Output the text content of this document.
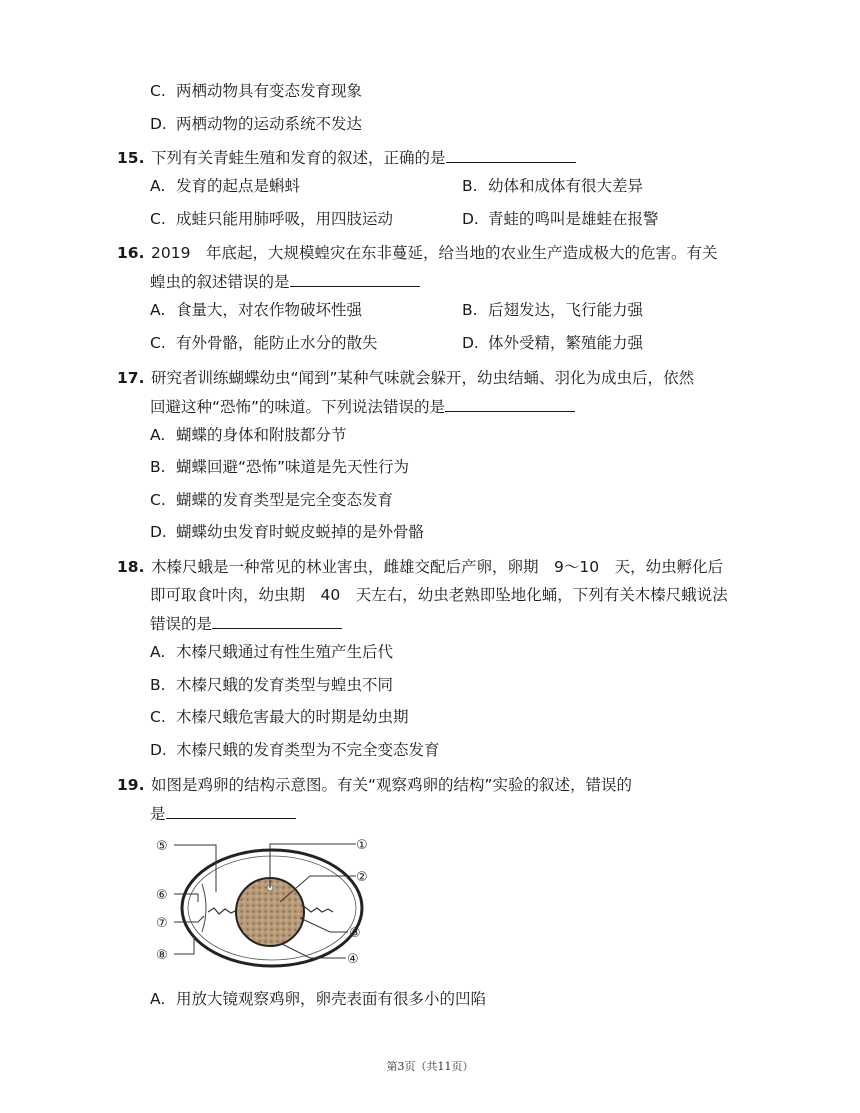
C. 两栖动物具有变态发育现象
D. 两栖动物的运动系统不发达
15. 下列有关青蛙生殖和发育的叙述，正确的是
A. 发育的起点是蝌蚪	B. 幼体和成体有很大差异
C. 成蛙只能用肺呼吸，用四肢运动	D. 青蛙的鸣叫是雄蛙在报警
16. 2019　年底起，大规模蝗灾在东非蔓延，给当地的农业生产造成极大的危害。有关
蝗虫的叙述错误的是
A. 食量大，对农作物破坏性强	B. 后翅发达，飞行能力强
C. 有外骨骼，能防止水分的散失	D. 体外受精，繁殖能力强
17. 研究者训练蝴蝶幼虫“闻到”某种气味就会躲开，幼虫结蛹、羽化为成虫后，依然
回避这种“恐怖”的味道。下列说法错误的是
A. 蝴蝶的身体和附肢都分节
B. 蝴蝶回避“恐怖”味道是先天性行为
C. 蝴蝶的发育类型是完全变态发育
D. 蝴蝶幼虫发育时蜕皮蜕掉的是外骨骼
18. 木榛尺蛾是一种常见的林业害虫，雌雄交配后产卵，卵期　9～10　天，幼虫孵化后
即可取食叶肉，幼虫期　40　天左右，幼虫老熟即坠地化蛹，下列有关木榛尺蛾说法
错误的是
A. 木榛尺蛾通过有性生殖产生后代
B. 木榛尺蛾的发育类型与蝗虫不同
C. 木榛尺蛾危害最大的时期是幼虫期
D. 木榛尺蛾的发育类型为不完全变态发育
19. 如图是鸡卵的结构示意图。有关“观察鸡卵的结构”实验的叙述，错误的
是
①
②
③
④
⑤
⑥
⑦
⑧
A. 用放大镜观察鸡卵，卵壳表面有很多小的凹陷
第3页（共11页）
